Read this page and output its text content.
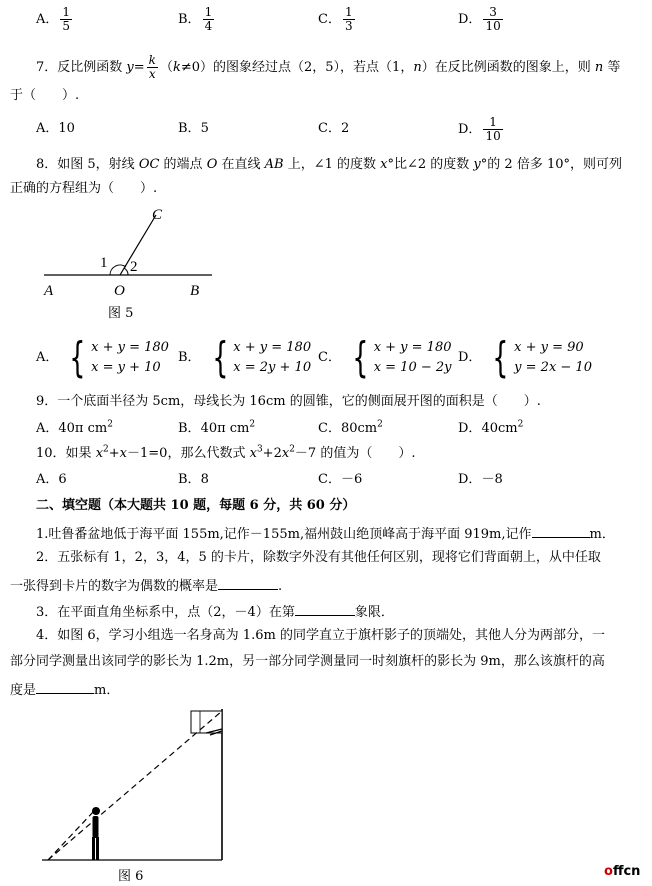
A． $\frac{1}{5}$	B． $\frac{1}{4}$	C． $\frac{1}{3}$	D． $\frac{3}{10}$
7．反比例函数 $y= \frac{k}{x} (k\ne 0)$的图象经过点（2，5），若点（1，n）在反比例函数的图象上，则 n 等
于（　　）.
A．10	B．5	C．2	D． $\frac{1}{10}$
8．如图 5，射线 OC 的端点 O 在直线 AB 上，∠1 的度数 x°比∠2 的度数 y°的 2 倍多 10°，则可列
正确的方程组为（　　）.
C
1 2
A	O	B
图 5
A． { x + y = 180
x = y + 10
B． { x + y = 180
x = 2y + 10
C． { x + y = 180
x = 10 − 2y
D． { x + y = 90
y = 2x − 10
9．一个底面半径为 5cm，母线长为 16cm 的圆锥，它的侧面展开图的面积是（　　）.
A．40π $cm^2$	B．40π $cm^2$	C．$80cm^2$	D．$40cm^2$
10．如果 $x^2+x-1=0$，那么代数式 $x^3+2x^2-7$ 的值为（　　）.
A．6	B．8	C．－6	D．－8
二、填空题（本大题共 10 题，每题 6 分，共 60 分）
1.吐鲁番盆地低于海平面 155m,记作－155m,福州鼓山绝顶峰高于海平面 919m,记作	m．
2．五张标有 1，2，3，4，5 的卡片，除数字外没有其他任何区别，现将它们背面朝上，从中任取
一张得到卡片的数字为偶数的概率是	.
3．在平面直角坐标系中，点（2，－4）在第	象限．
4．如图 6，学习小组选一名身高为 1.6m 的同学直立于旗杆影子的顶端处，其他人分为两部分，一
部分同学测量出该同学的影长为 1.2m，另一部分同学测量同一时刻旗杆的影长为 9m，那么该旗杆的高
度是	m．
图 6	offcn
